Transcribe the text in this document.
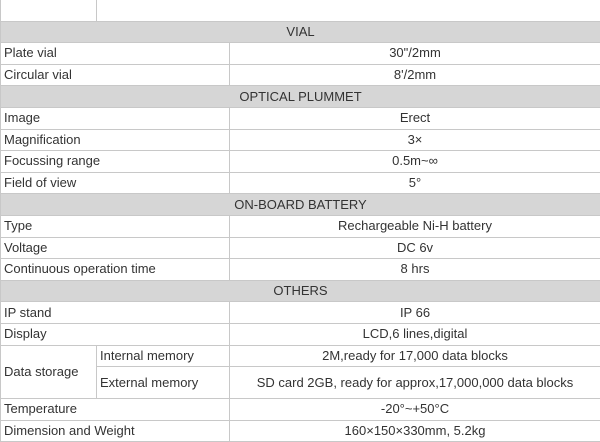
VIAL		
Plate vial		30"/2mm
Circular vial		8'/2mm
OPTICAL PLUMMET		
Image		Erect
Magnification		3×
Focussing range		0.5m~∞
Field of view		5°
ON-BOARD BATTERY		
Type		Rechargeable Ni-H battery
Voltage		DC 6v
Continuous operation time		8 hrs
OTHERS		
IP stand		IP 66
Display		LCD,6 lines,digital
Data storage	Internal memory	2M,ready for 17,000 data blocks
	External memory	SD card 2GB, ready for approx,17,000,000 data blocks
Temperature		-20°~+50°C
Dimension and Weight		160×150×330mm, 5.2kg
